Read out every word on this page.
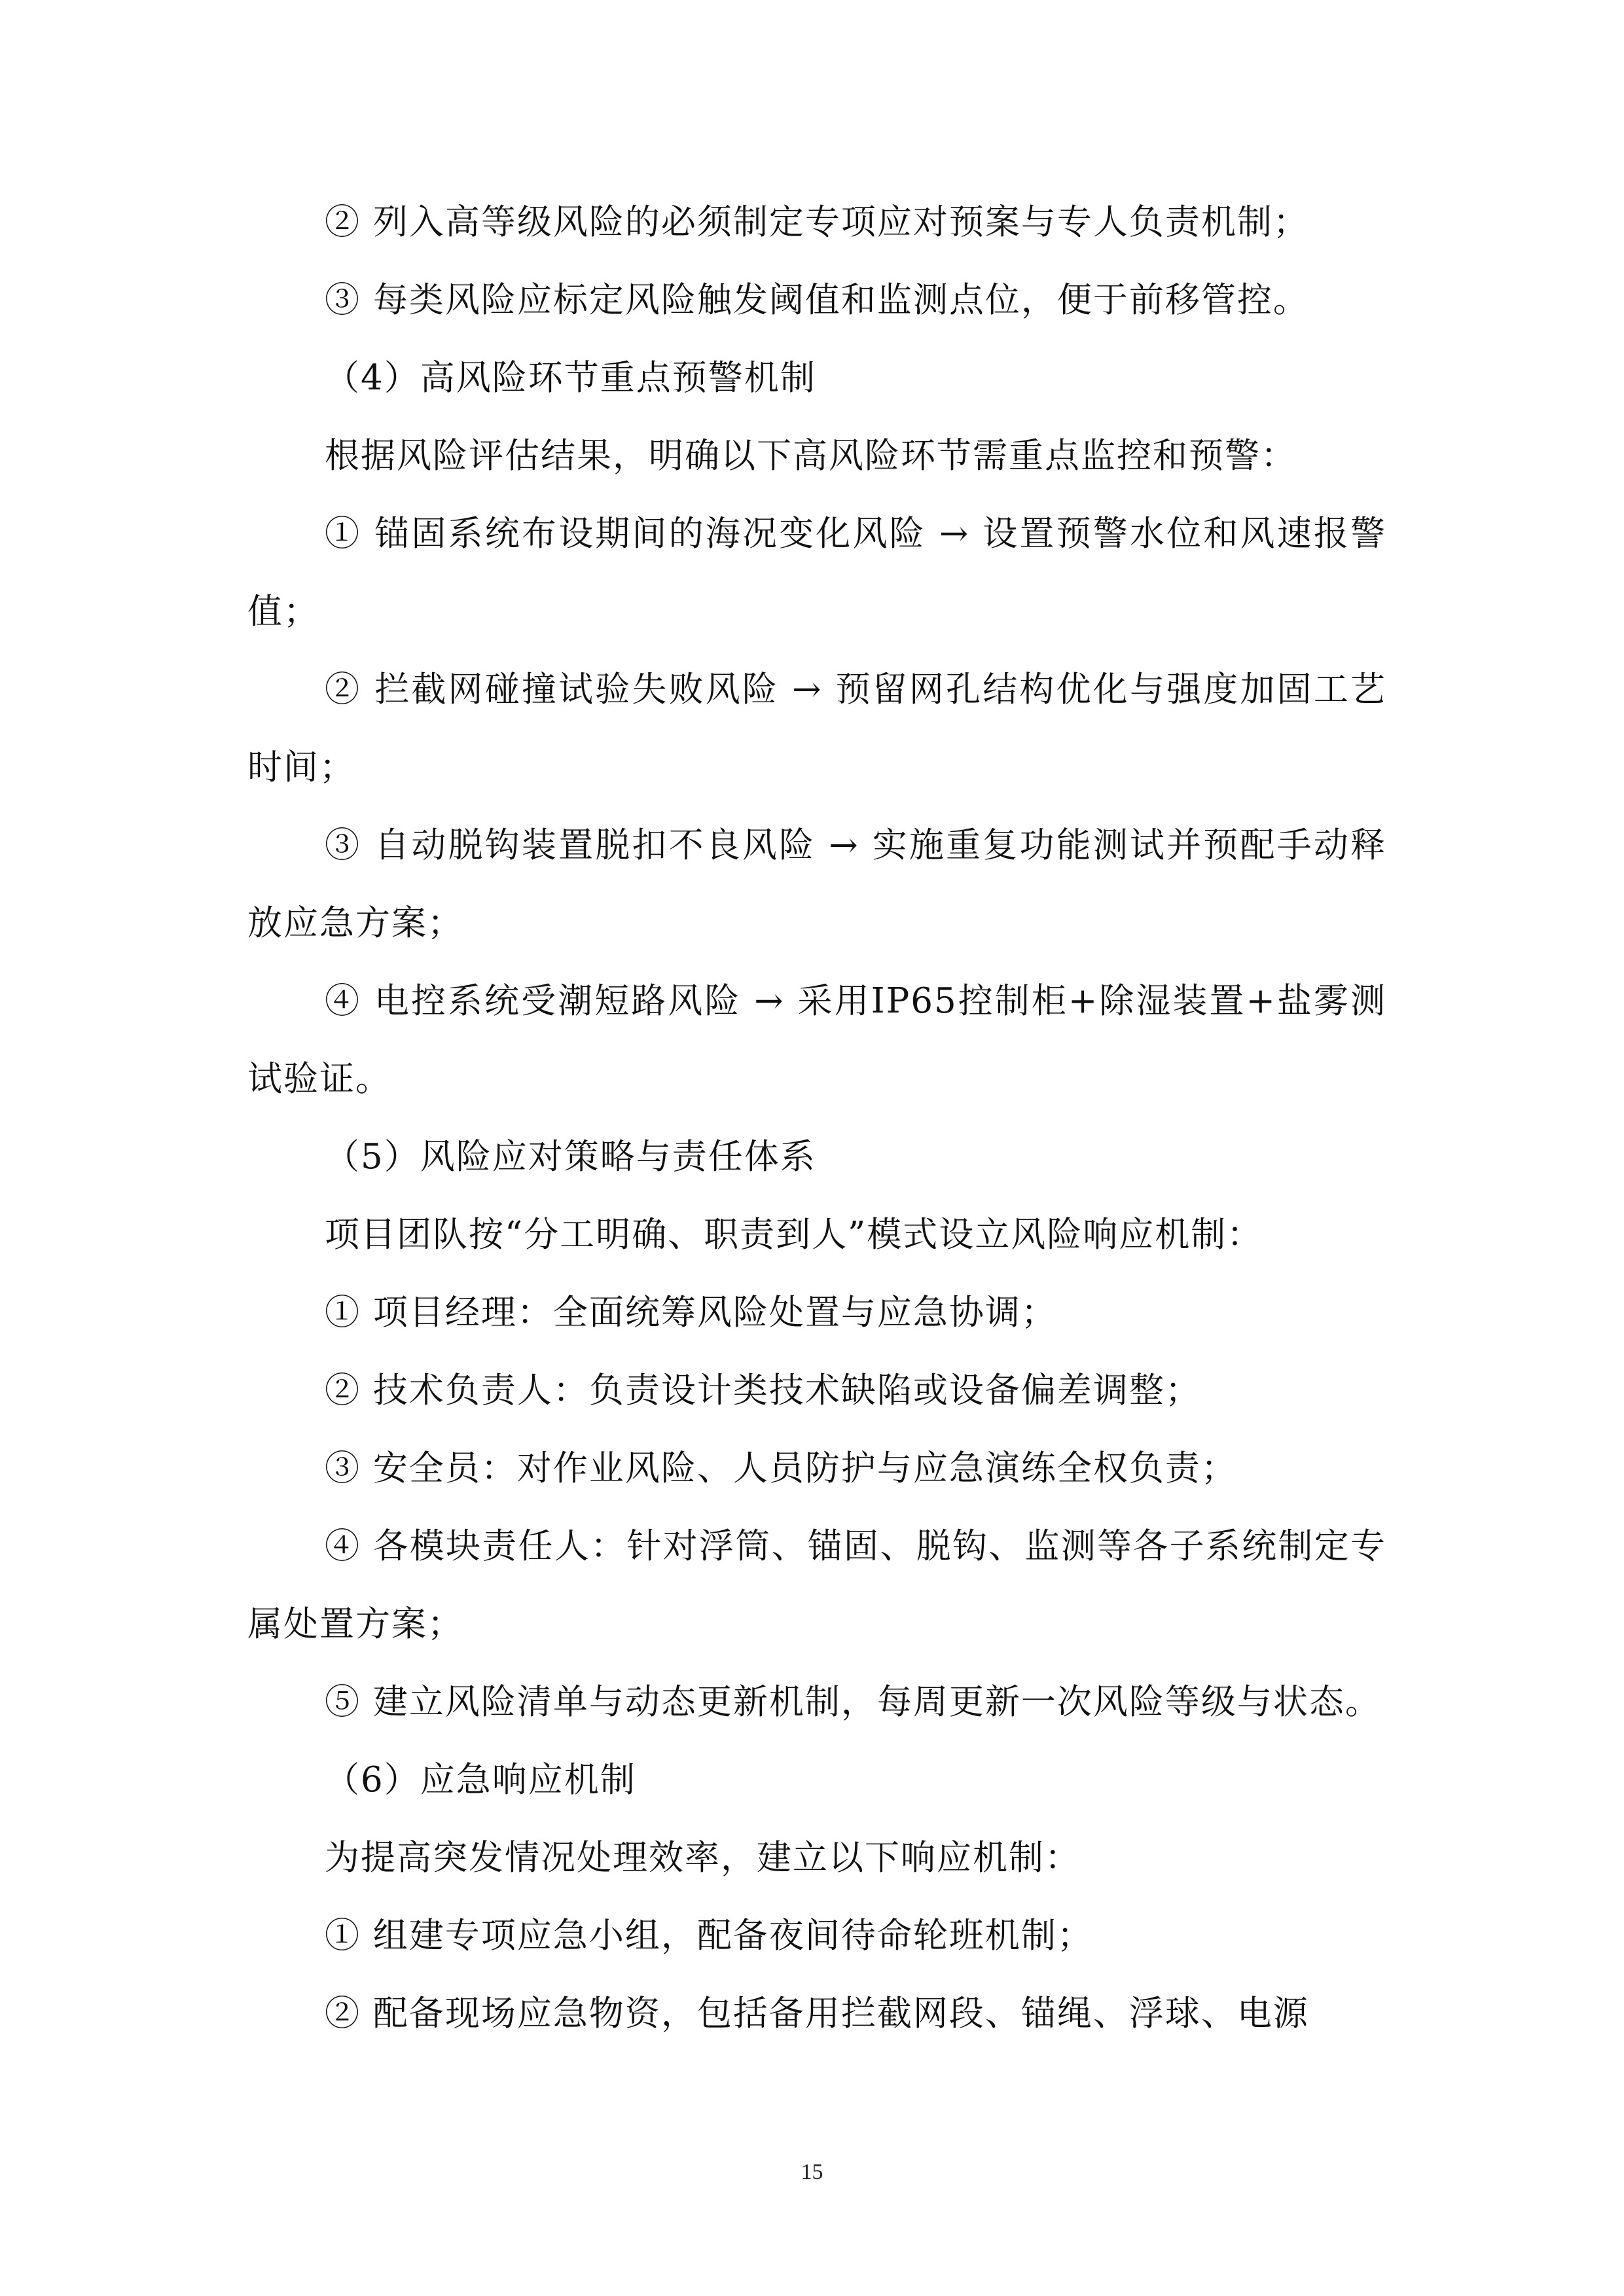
② 列入高等级风险的必须制定专项应对预案与专人负责机制；

③ 每类风险应标定风险触发阈值和监测点位，便于前移管控。

（4）高风险环节重点预警机制

根据风险评估结果，明确以下高风险环节需重点监控和预警：

① 锚固系统布设期间的海况变化风险 → 设置预警水位和风速报警值；

② 拦截网碰撞试验失败风险 → 预留网孔结构优化与强度加固工艺时间；

③ 自动脱钩装置脱扣不良风险 → 实施重复功能测试并预配手动释放应急方案；

④ 电控系统受潮短路风险 → 采用IP65控制柜+除湿装置+盐雾测试验证。

（5）风险应对策略与责任体系

项目团队按“分工明确、职责到人”模式设立风险响应机制：

① 项目经理：全面统筹风险处置与应急协调；

② 技术负责人：负责设计类技术缺陷或设备偏差调整；

③ 安全员：对作业风险、人员防护与应急演练全权负责；

④ 各模块责任人：针对浮筒、锚固、脱钩、监测等各子系统制定专属处置方案；

⑤ 建立风险清单与动态更新机制，每周更新一次风险等级与状态。

（6）应急响应机制

为提高突发情况处理效率，建立以下响应机制：

① 组建专项应急小组，配备夜间待命轮班机制；

② 配备现场应急物资，包括备用拦截网段、锚绳、浮球、电源

15
